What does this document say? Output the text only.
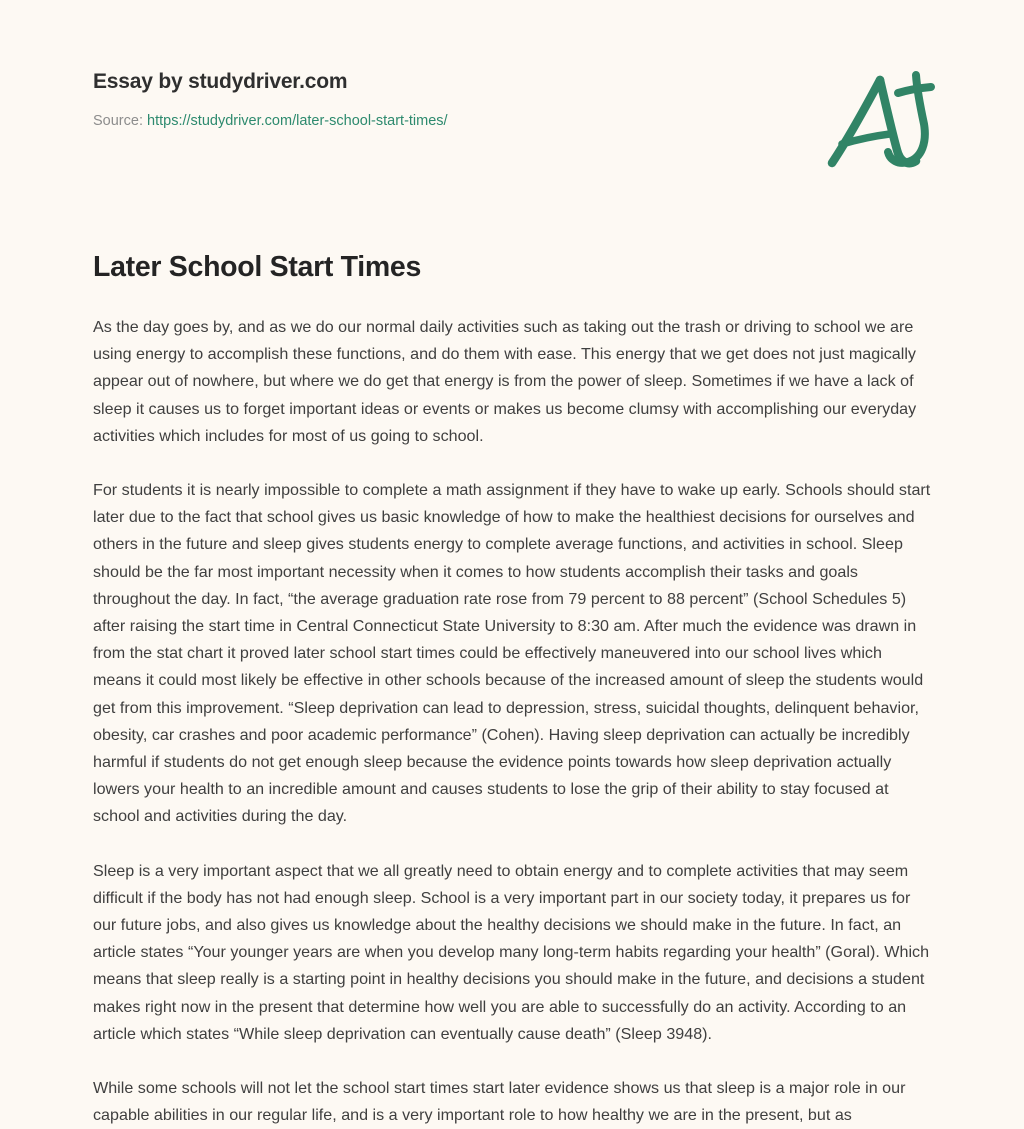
Essay by studydriver.com
Source: https://studydriver.com/later-school-start-times/
Later School Start Times

As the day goes by, and as we do our normal daily activities such as taking out the trash or driving to school we are using energy to accomplish these functions, and do them with ease. This energy that we get does not just magically appear out of nowhere, but where we do get that energy is from the power of sleep. Sometimes if we have a lack of sleep it causes us to forget important ideas or events or makes us become clumsy with accomplishing our everyday activities which includes for most of us going to school.

For students it is nearly impossible to complete a math assignment if they have to wake up early. Schools should start later due to the fact that school gives us basic knowledge of how to make the healthiest decisions for ourselves and others in the future and sleep gives students energy to complete average functions, and activities in school. Sleep should be the far most important necessity when it comes to how students accomplish their tasks and goals throughout the day. In fact, “the average graduation rate rose from 79 percent to 88 percent” (School Schedules 5) after raising the start time in Central Connecticut State University to 8:30 am. After much the evidence was drawn in from the stat chart it proved later school start times could be effectively maneuvered into our school lives which means it could most likely be effective in other schools because of the increased amount of sleep the students would get from this improvement. “Sleep deprivation can lead to depression, stress, suicidal thoughts, delinquent behavior, obesity, car crashes and poor academic performance” (Cohen). Having sleep deprivation can actually be incredibly harmful if students do not get enough sleep because the evidence points towards how sleep deprivation actually lowers your health to an incredible amount and causes students to lose the grip of their ability to stay focused at school and activities during the day.

Sleep is a very important aspect that we all greatly need to obtain energy and to complete activities that may seem difficult if the body has not had enough sleep. School is a very important part in our society today, it prepares us for our future jobs, and also gives us knowledge about the healthy decisions we should make in the future. In fact, an article states “Your younger years are when you develop many long-term habits regarding your health” (Goral). Which means that sleep really is a starting point in healthy decisions you should make in the future, and decisions a student makes right now in the present that determine how well you are able to successfully do an activity. According to an article which states “While sleep deprivation can eventually cause death” (Sleep 3948).

While some schools will not let the school start times start later evidence shows us that sleep is a major role in our capable abilities in our regular life, and is a very important role to how healthy we are in the present, but as
